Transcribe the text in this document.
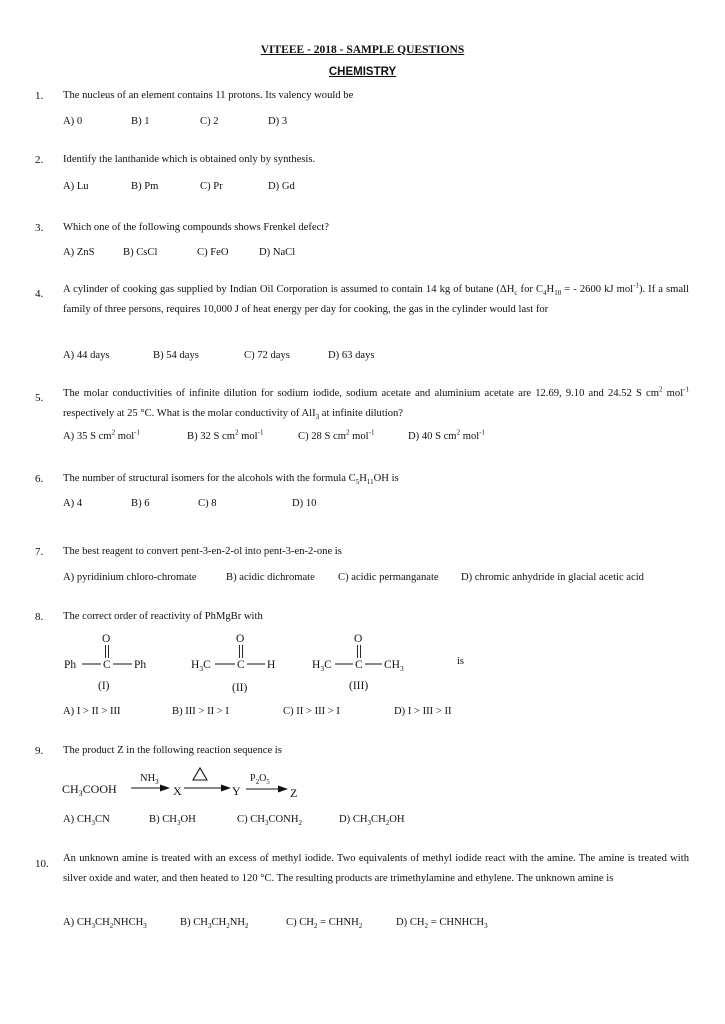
VITEEE - 2018 - SAMPLE QUESTIONS
CHEMISTRY
1. The nucleus of an element contains 11 protons. Its valency would be
A) 0	B) 1	C) 2	D) 3
2. Identify the lanthanide which is obtained only by synthesis.
A) Lu	B) Pm	C) Pr	D) Gd
3. Which one of the following compounds shows Frenkel defect?
A) ZnS	B) CsCl	C) FeO	D) NaCl
4. A cylinder of cooking gas supplied by Indian Oil Corporation is assumed to contain 14 kg of butane ($\Delta H_c$ for $C_4H_{10}$ = - 2600 kJ mol$^{-1}$). If a small family of three persons, requires 10,000 J of heat energy per day for cooking, the gas in the cylinder would last for
A) 44 days	B) 54 days	C) 72 days	D) 63 days
5. The molar conductivities of infinite dilution for sodium iodide, sodium acetate and aluminium acetate are 12.69, 9.10 and 24.52 S $cm^2$ mol$^{-1}$ respectively at 25 °C. What is the molar conductivity of AlI$_3$ at infinite dilution?
A) 35 S $cm^2$ mol$^{-1}$	B) 32 S $cm^2$ mol$^{-1}$	C) 28 S $cm^2$ mol$^{-1}$	D) 40 S $cm^2$ mol$^{-1}$
6. The number of structural isomers for the alcohols with the formula $C_5H_{11}OH$ is
A) 4	B) 6	C) 8	D) 10
7. The best reagent to convert pent-3-en-2-ol into pent-3-en-2-one is
A) pyridinium chloro-chromate	B) acidic dichromate C) acidic permanganate D) chromic anhydride in glacial acetic acid
8. The correct order of reactivity of PhMgBr with
Ph C Ph
O
(I)
$H_3C$ C H
O
(II)
$H_3C$ C $CH_3$
O
(III)
is
A) I > II > III	B) III > II > I	C) II > III > I	D) I > III > II
9. The product Z in the following reaction sequence is
$CH_3COOH$
$NH_3$
X	Y
$P_2O_5$
Z
A) $CH_3CN$	B) $CH_3OH$	C) $CH_3CONH_2$	D) $CH_3CH_2OH$
10. An unknown amine is treated with an excess of methyl iodide. Two equivalents of methyl iodide react with the amine. The amine is treated with silver oxide and water, and then heated to 120 °C. The resulting products are trimethylamine and ethylene. The unknown amine is
A) $CH_3CH_2NHCH_3$	B) $CH_3CH_2NH_2$	C) $CH_2$ = $CHNH_2$	D) $CH_2$ = $CHNHCH_3$
